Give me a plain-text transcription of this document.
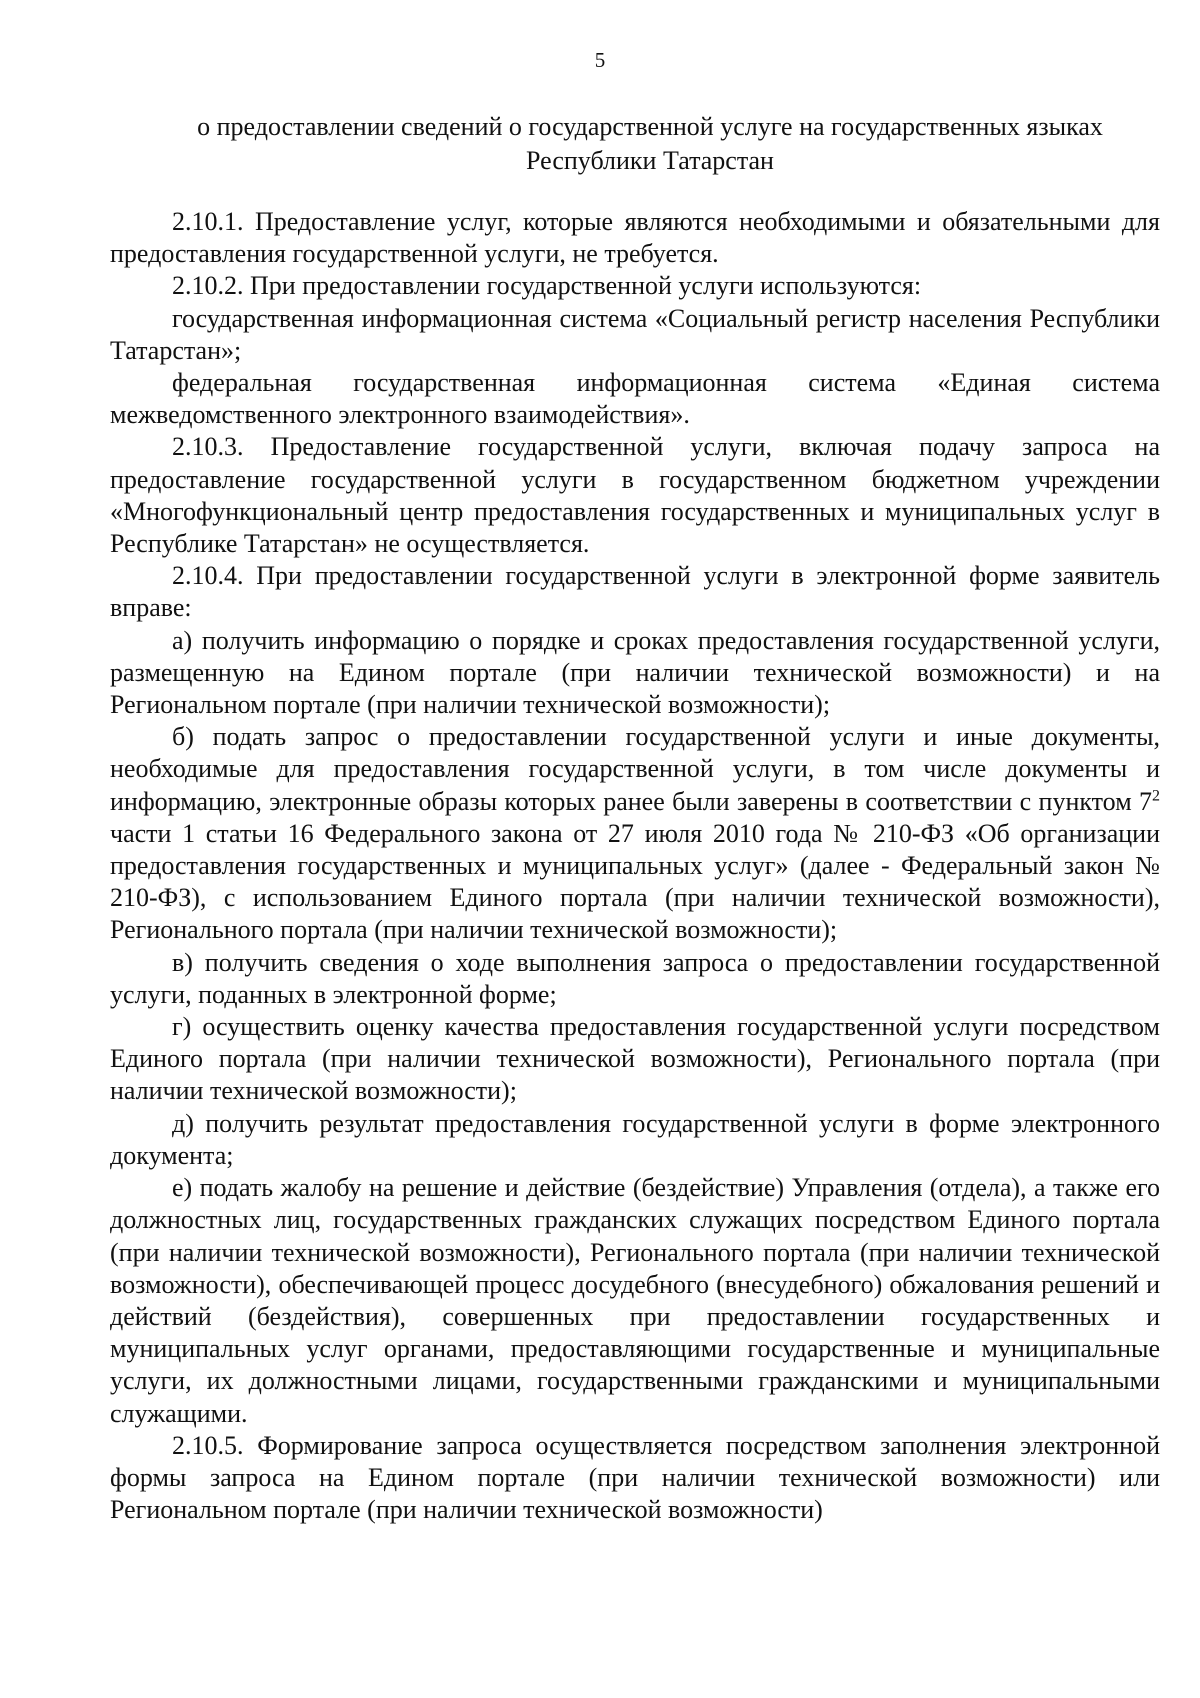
5
о предоставлении сведений о государственной услуге на государственных языках
Республики Татарстан

2.10.1. Предоставление услуг, которые являются необходимыми и обязательными для предоставления государственной услуги, не требуется.

2.10.2. При предоставлении государственной услуги используются:

государственная информационная система «Социальный регистр населения Республики Татарстан»;

федеральная государственная информационная система «Единая система межведомственного электронного взаимодействия».

2.10.3. Предоставление государственной услуги, включая подачу запроса на предоставление государственной услуги в государственном бюджетном учреждении «Многофункциональный центр предоставления государственных и муниципальных услуг в Республике Татарстан» не осуществляется.

2.10.4. При предоставлении государственной услуги в электронной форме заявитель вправе:

а) получить информацию о порядке и сроках предоставления государственной услуги, размещенную на Едином портале (при наличии технической возможности) и на Региональном портале (при наличии технической возможности);

б) подать запрос о предоставлении государственной услуги и иные документы, необходимые для предоставления государственной услуги, в том числе документы и информацию, электронные образы которых ранее были заверены в соответствии с пунктом $7^2$ части 1 статьи 16 Федерального закона от 27 июля 2010 года № 210-ФЗ «Об организации предоставления государственных и муниципальных услуг» (далее - Федеральный закон № 210-ФЗ), с использованием Единого портала (при наличии технической возможности), Регионального портала (при наличии технической возможности);

в) получить сведения о ходе выполнения запроса о предоставлении государственной услуги, поданных в электронной форме;

г) осуществить оценку качества предоставления государственной услуги посредством Единого портала (при наличии технической возможности), Регионального портала (при наличии технической возможности);

д) получить результат предоставления государственной услуги в форме электронного документа;

е) подать жалобу на решение и действие (бездействие) Управления (отдела), а также его должностных лиц, государственных гражданских служащих посредством Единого портала (при наличии технической возможности), Регионального портала (при наличии технической возможности), обеспечивающей процесс досудебного (внесудебного) обжалования решений и действий (бездействия), совершенных при предоставлении государственных и муниципальных услуг органами, предоставляющими государственные и муниципальные услуги, их должностными лицами, государственными гражданскими и муниципальными служащими.

2.10.5. Формирование запроса осуществляется посредством заполнения электронной формы запроса на Едином портале (при наличии технической возможности) или Региональном портале (при наличии технической возможности)
